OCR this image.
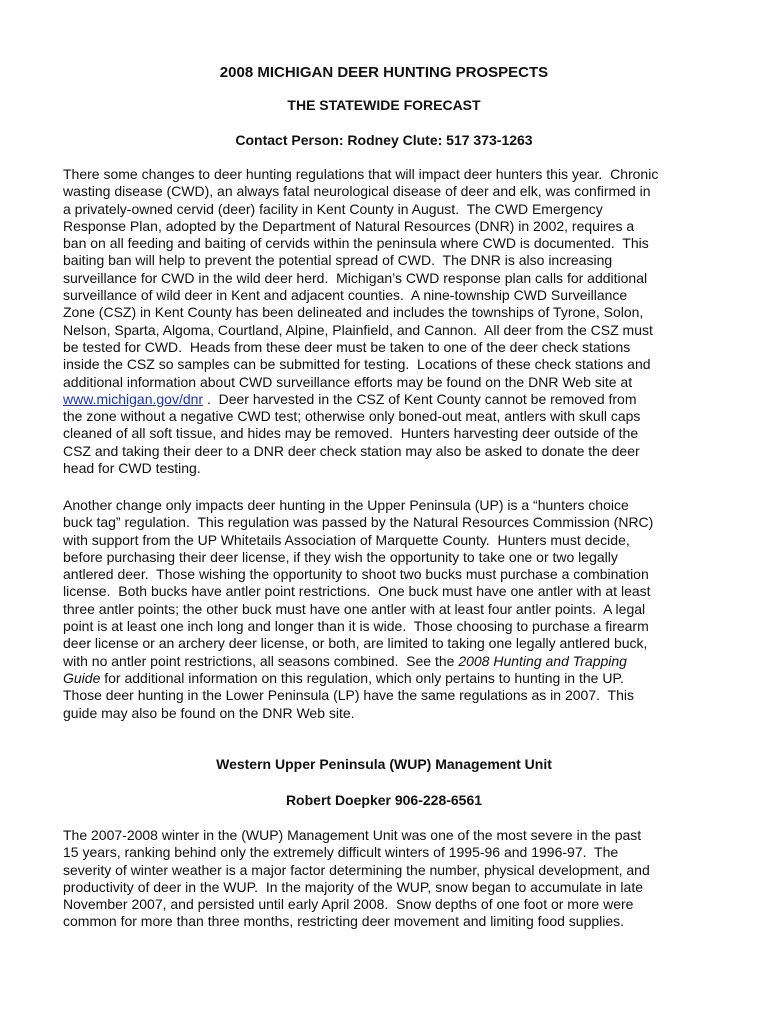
2008 MICHIGAN DEER HUNTING PROSPECTS
THE STATEWIDE FORECAST
Contact Person: Rodney Clute: 517 373-1263
There some changes to deer hunting regulations that will impact deer hunters this year.  Chronic
wasting disease (CWD), an always fatal neurological disease of deer and elk, was confirmed in
a privately-owned cervid (deer) facility in Kent County in August.  The CWD Emergency
Response Plan, adopted by the Department of Natural Resources (DNR) in 2002, requires a
ban on all feeding and baiting of cervids within the peninsula where CWD is documented.  This
baiting ban will help to prevent the potential spread of CWD.  The DNR is also increasing
surveillance for CWD in the wild deer herd.  Michigan’s CWD response plan calls for additional
surveillance of wild deer in Kent and adjacent counties.  A nine-township CWD Surveillance
Zone (CSZ) in Kent County has been delineated and includes the townships of Tyrone, Solon,
Nelson, Sparta, Algoma, Courtland, Alpine, Plainfield, and Cannon.  All deer from the CSZ must
be tested for CWD.  Heads from these deer must be taken to one of the deer check stations
inside the CSZ so samples can be submitted for testing.  Locations of these check stations and
additional information about CWD surveillance efforts may be found on the DNR Web site at
www.michigan.gov/dnr .  Deer harvested in the CSZ of Kent County cannot be removed from
the zone without a negative CWD test; otherwise only boned-out meat, antlers with skull caps
cleaned of all soft tissue, and hides may be removed.  Hunters harvesting deer outside of the
CSZ and taking their deer to a DNR deer check station may also be asked to donate the deer
head for CWD testing.
Another change only impacts deer hunting in the Upper Peninsula (UP) is a “hunters choice
buck tag” regulation.  This regulation was passed by the Natural Resources Commission (NRC)
with support from the UP Whitetails Association of Marquette County.  Hunters must decide,
before purchasing their deer license, if they wish the opportunity to take one or two legally
antlered deer.  Those wishing the opportunity to shoot two bucks must purchase a combination
license.  Both bucks have antler point restrictions.  One buck must have one antler with at least
three antler points; the other buck must have one antler with at least four antler points.  A legal
point is at least one inch long and longer than it is wide.  Those choosing to purchase a firearm
deer license or an archery deer license, or both, are limited to taking one legally antlered buck,
with no antler point restrictions, all seasons combined.  See the 2008 Hunting and Trapping
Guide for additional information on this regulation, which only pertains to hunting in the UP.
Those deer hunting in the Lower Peninsula (LP) have the same regulations as in 2007.  This
guide may also be found on the DNR Web site.
Western Upper Peninsula (WUP) Management Unit
Robert Doepker 906-228-6561
The 2007-2008 winter in the (WUP) Management Unit was one of the most severe in the past
15 years, ranking behind only the extremely difficult winters of 1995-96 and 1996-97.  The
severity of winter weather is a major factor determining the number, physical development, and
productivity of deer in the WUP.  In the majority of the WUP, snow began to accumulate in late
November 2007, and persisted until early April 2008.  Snow depths of one foot or more were
common for more than three months, restricting deer movement and limiting food supplies.
